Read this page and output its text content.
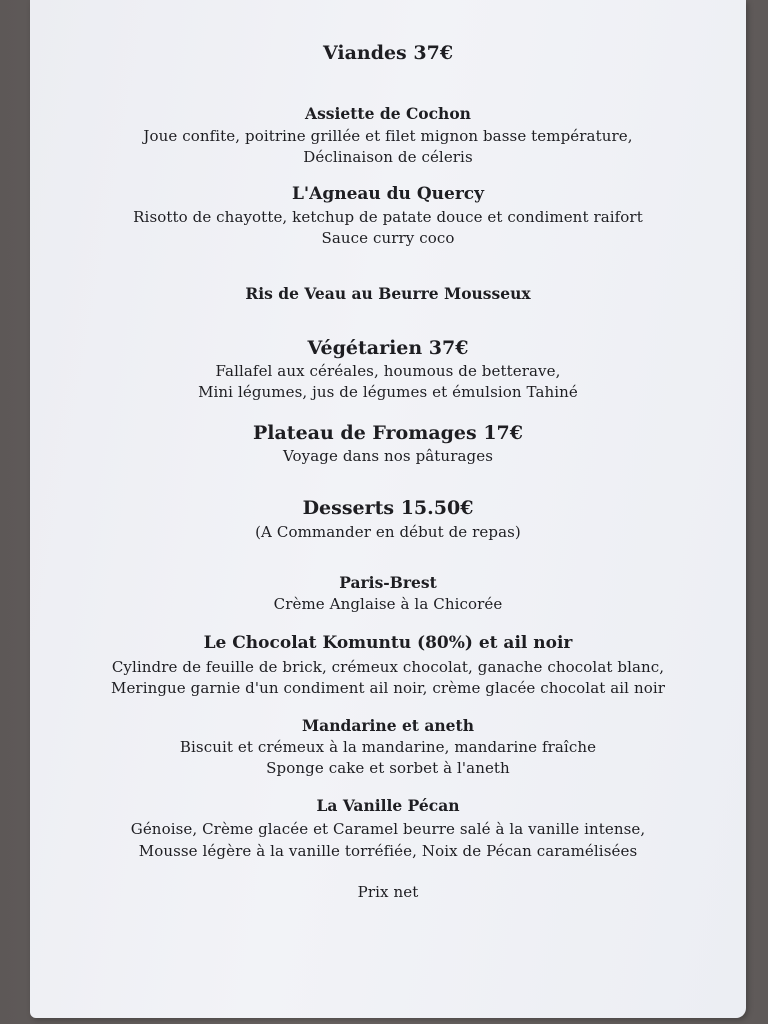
Viandes 37€
Assiette de Cochon
Joue confite, poitrine grillée et filet mignon basse température,
Déclinaison de céleris
L'Agneau du Quercy
Risotto de chayotte, ketchup de patate douce et condiment raifort
Sauce curry coco
Ris de Veau au Beurre Mousseux
Végétarien 37€
Fallafel aux céréales, houmous de betterave,
Mini légumes, jus de légumes et émulsion Tahiné
Plateau de Fromages 17€
Voyage dans nos pâturages
Desserts 15.50€
(A Commander en début de repas)
Paris-Brest
Crème Anglaise à la Chicorée
Le Chocolat Komuntu (80%) et ail noir
Cylindre de feuille de brick, crémeux chocolat, ganache chocolat blanc,
Meringue garnie d'un condiment ail noir, crème glacée chocolat ail noir
Mandarine et aneth
Biscuit et crémeux à la mandarine, mandarine fraîche
Sponge cake et sorbet à l'aneth
La Vanille Pécan
Génoise, Crème glacée et Caramel beurre salé à la vanille intense,
Mousse légère à la vanille torréfiée, Noix de Pécan caramélisées
Prix net
